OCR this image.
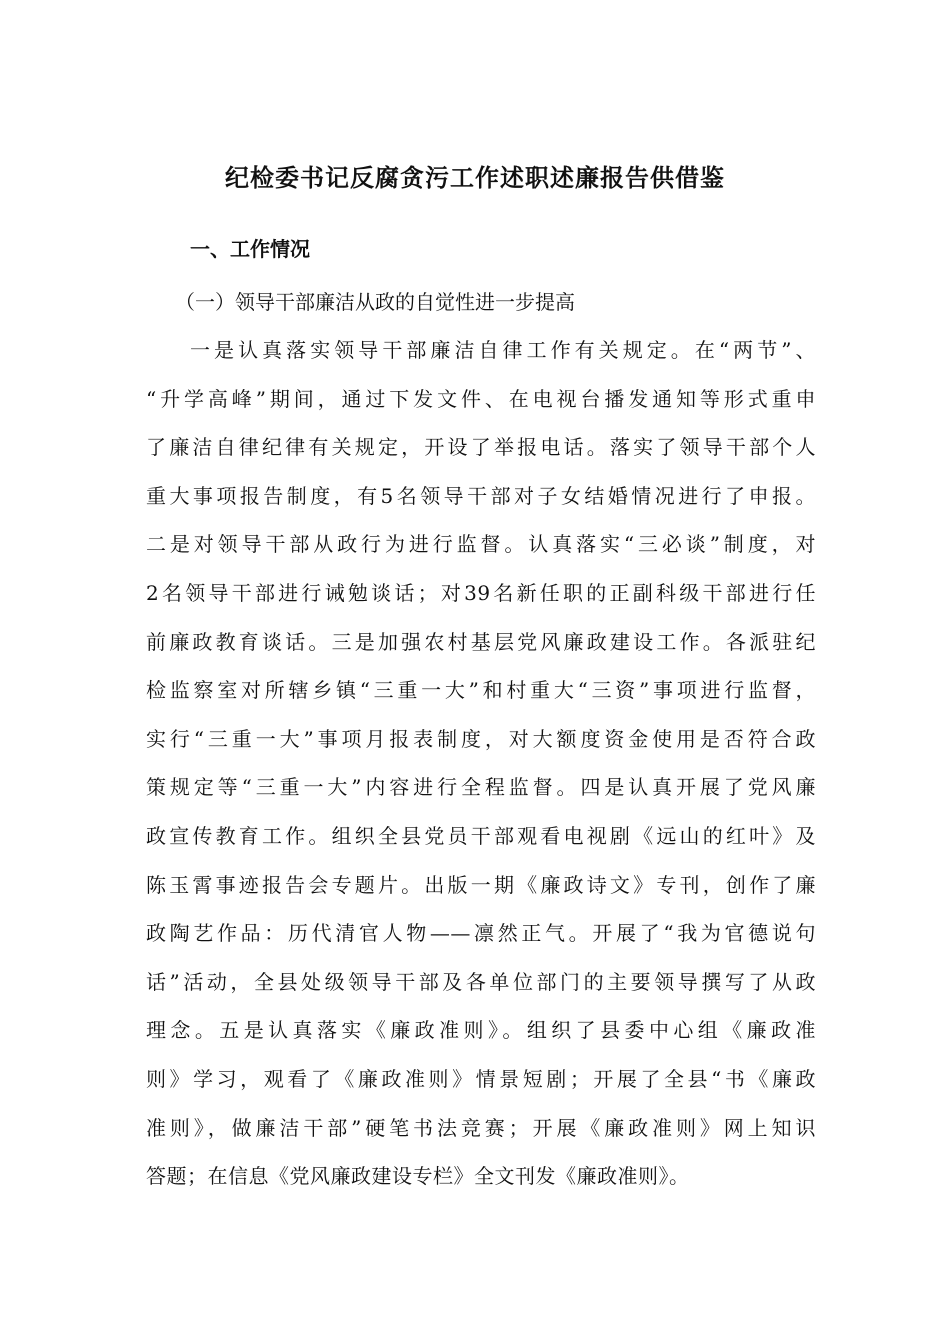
纪检委书记反腐贪污工作述职述廉报告供借鉴
一、工作情况

（一）领导干部廉洁从政的自觉性进一步提高

一是认真落实领导干部廉洁自律工作有关规定。在“两节”、
“升学高峰”期间，通过下发文件、在电视台播发通知等形式重申
了廉洁自律纪律有关规定，开设了举报电话。落实了领导干部个人
重大事项报告制度，有5名领导干部对子女结婚情况进行了申报。
二是对领导干部从政行为进行监督。认真落实“三必谈”制度，对
2名领导干部进行诫勉谈话；对39名新任职的正副科级干部进行任
前廉政教育谈话。三是加强农村基层党风廉政建设工作。各派驻纪
检监察室对所辖乡镇“三重一大”和村重大“三资”事项进行监督，
实行“三重一大”事项月报表制度，对大额度资金使用是否符合政
策规定等“三重一大”内容进行全程监督。四是认真开展了党风廉
政宣传教育工作。组织全县党员干部观看电视剧《远山的红叶》及
陈玉霄事迹报告会专题片。出版一期《廉政诗文》专刊，创作了廉
政陶艺作品：历代清官人物——凛然正气。开展了“我为官德说句
话”活动，全县处级领导干部及各单位部门的主要领导撰写了从政
理念。五是认真落实《廉政准则》。组织了县委中心组《廉政准
则》学习，观看了《廉政准则》情景短剧；开展了全县“书《廉政
准则》，做廉洁干部”硬笔书法竞赛；开展《廉政准则》网上知识
答题；在信息《党风廉政建设专栏》全文刊发《廉政准则》。
